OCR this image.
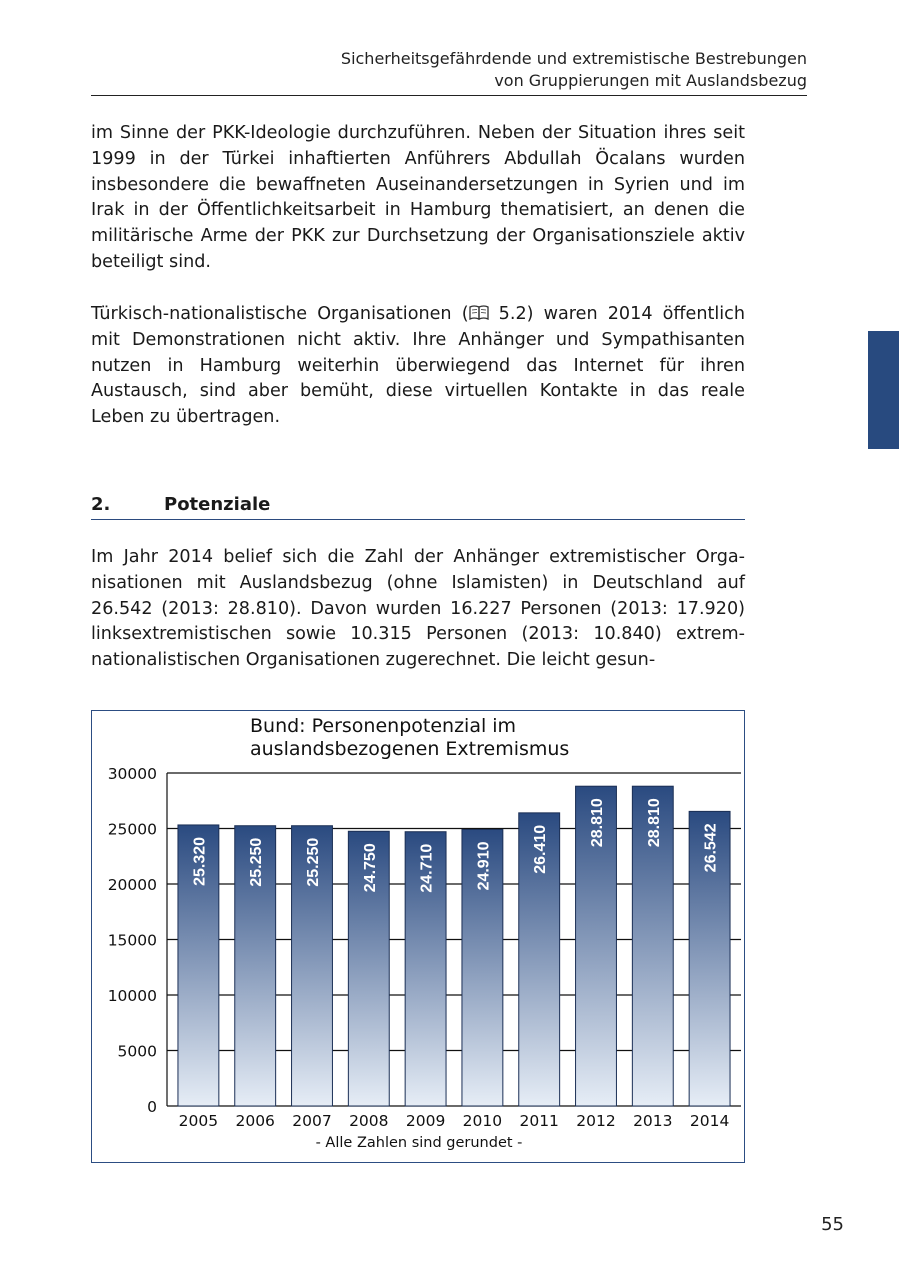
Sicherheitsgefährdende und extremistische Bestrebungen
von Gruppierungen mit Auslandsbezug

im Sinne der PKK-Ideologie durchzuführen. Neben der Situation ihres seit 1999 in der Türkei inhaftierten Anführers Abdullah Öcalans wurden insbesondere die bewaffneten Auseinandersetzungen in Syrien und im Irak in der Öffentlichkeitsarbeit in Hamburg thematisiert, an denen die militärische Arme der PKK zur Durchsetzung der Organisationsziele aktiv beteiligt sind.

Türkisch-nationalistische Organisationen ( 5.2) waren 2014 öffentlich mit Demonstrationen nicht aktiv. Ihre Anhänger und Sympathisanten nutzen in Hamburg weiterhin überwiegend das Internet für ihren Austausch, sind aber bemüht, diese virtuellen Kontakte in das reale Leben zu übertragen.

2.	Potenziale

Im Jahr 2014 belief sich die Zahl der Anhänger extremistischer Organisationen mit Auslandsbezug (ohne Islamisten) in Deutschland auf 26.542 (2013: 28.810). Davon wurden 16.227 Personen (2013: 17.920) linksextremistischen sowie 10.315 Personen (2013: 10.840) extrem-nationalistischen Organisationen zugerechnet. Die leicht gesun-

Bund: Personenpotenzial im
auslandsbezogenen Extremismus
0
5000
10000
15000
20000
25000
30000
25.320
2005
25.250
2006
25.250
2007
24.750
2008
24.710
2009
24.910
2010
26.410
2011
28.810
2012
28.810
2013
26.542
2014
- Alle Zahlen sind gerundet -
55
